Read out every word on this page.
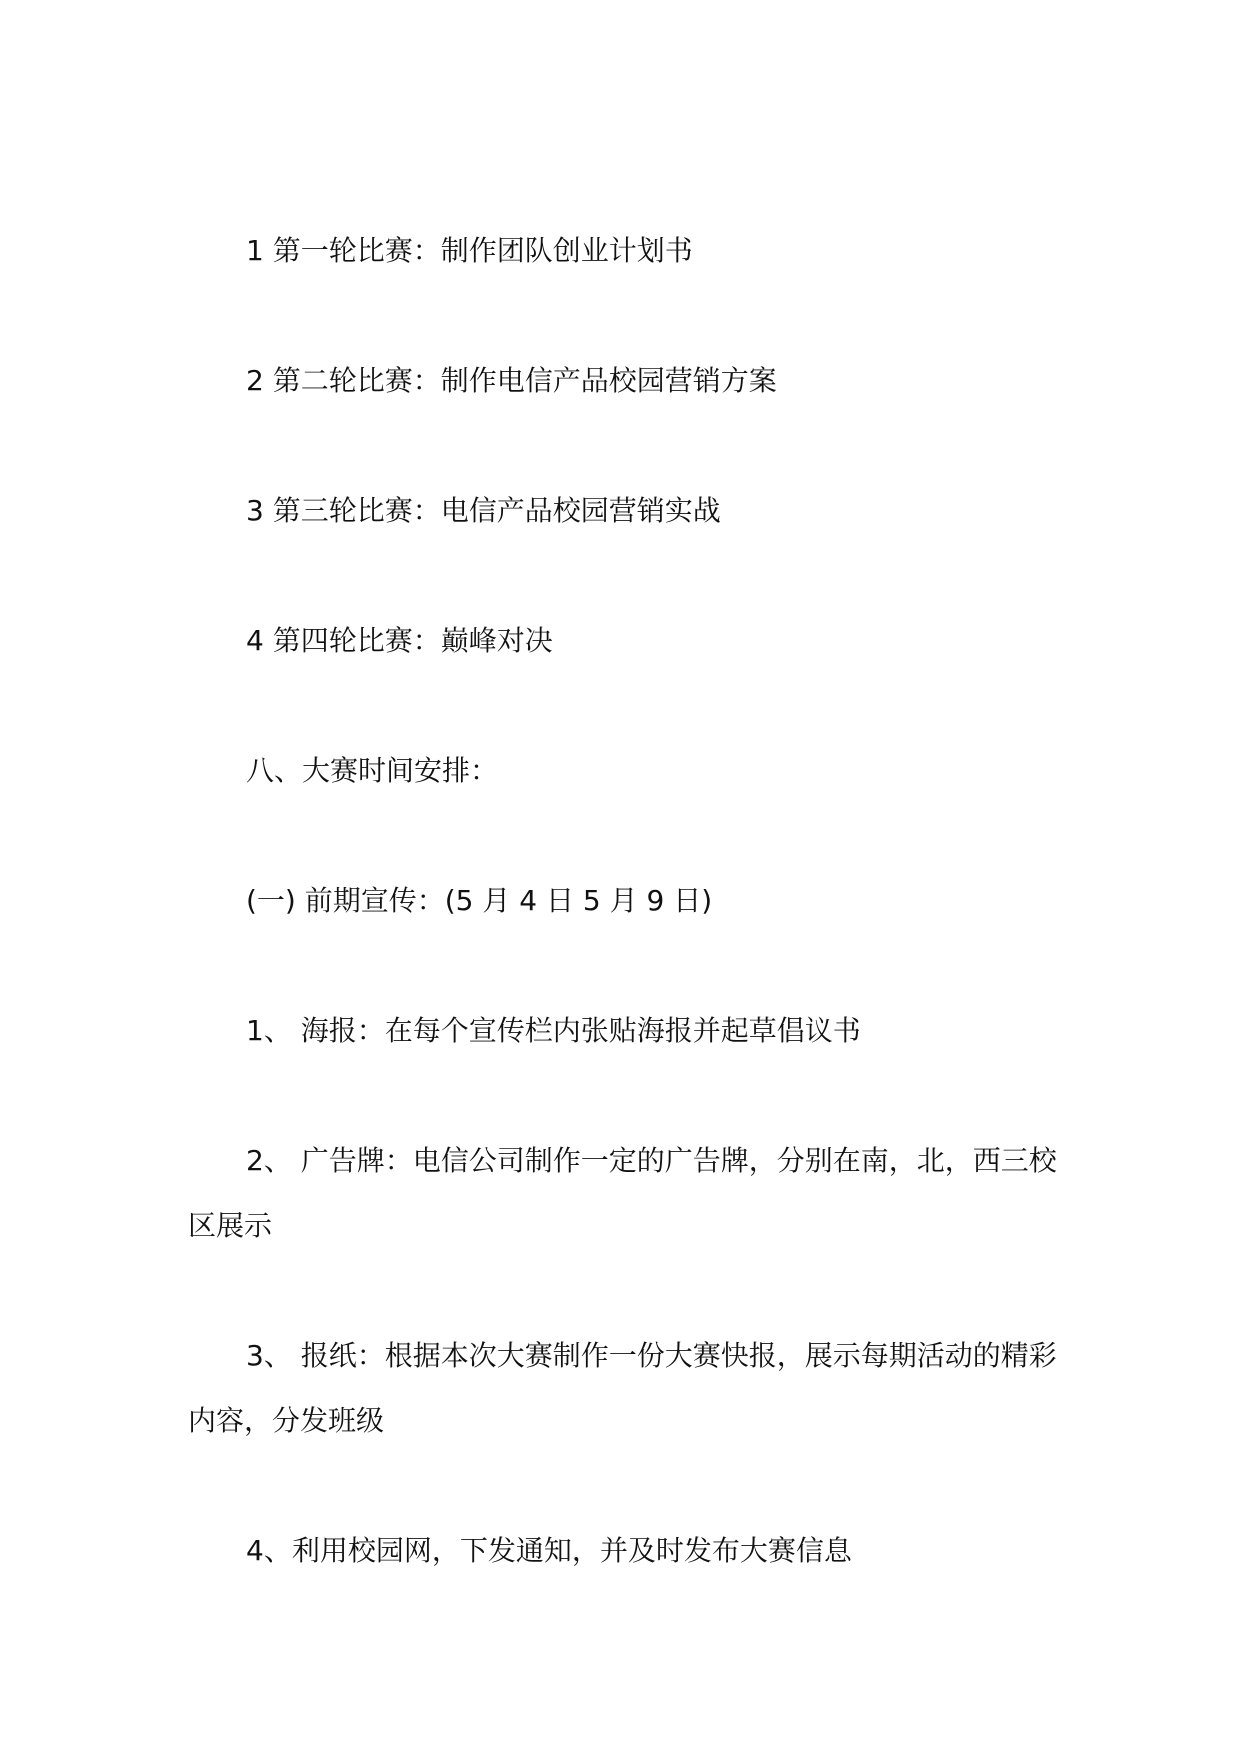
1 第一轮比赛：制作团队创业计划书

2 第二轮比赛：制作电信产品校园营销方案

3 第三轮比赛：电信产品校园营销实战

4 第四轮比赛：巅峰对决

八、大赛时间安排：

(一) 前期宣传：(5 月 4 日 5 月 9 日)

1、 海报：在每个宣传栏内张贴海报并起草倡议书

2、 广告牌：电信公司制作一定的广告牌，分别在南，北，西三校区展示

3、 报纸：根据本次大赛制作一份大赛快报，展示每期活动的精彩内容，分发班级

4、利用校园网，下发通知，并及时发布大赛信息
